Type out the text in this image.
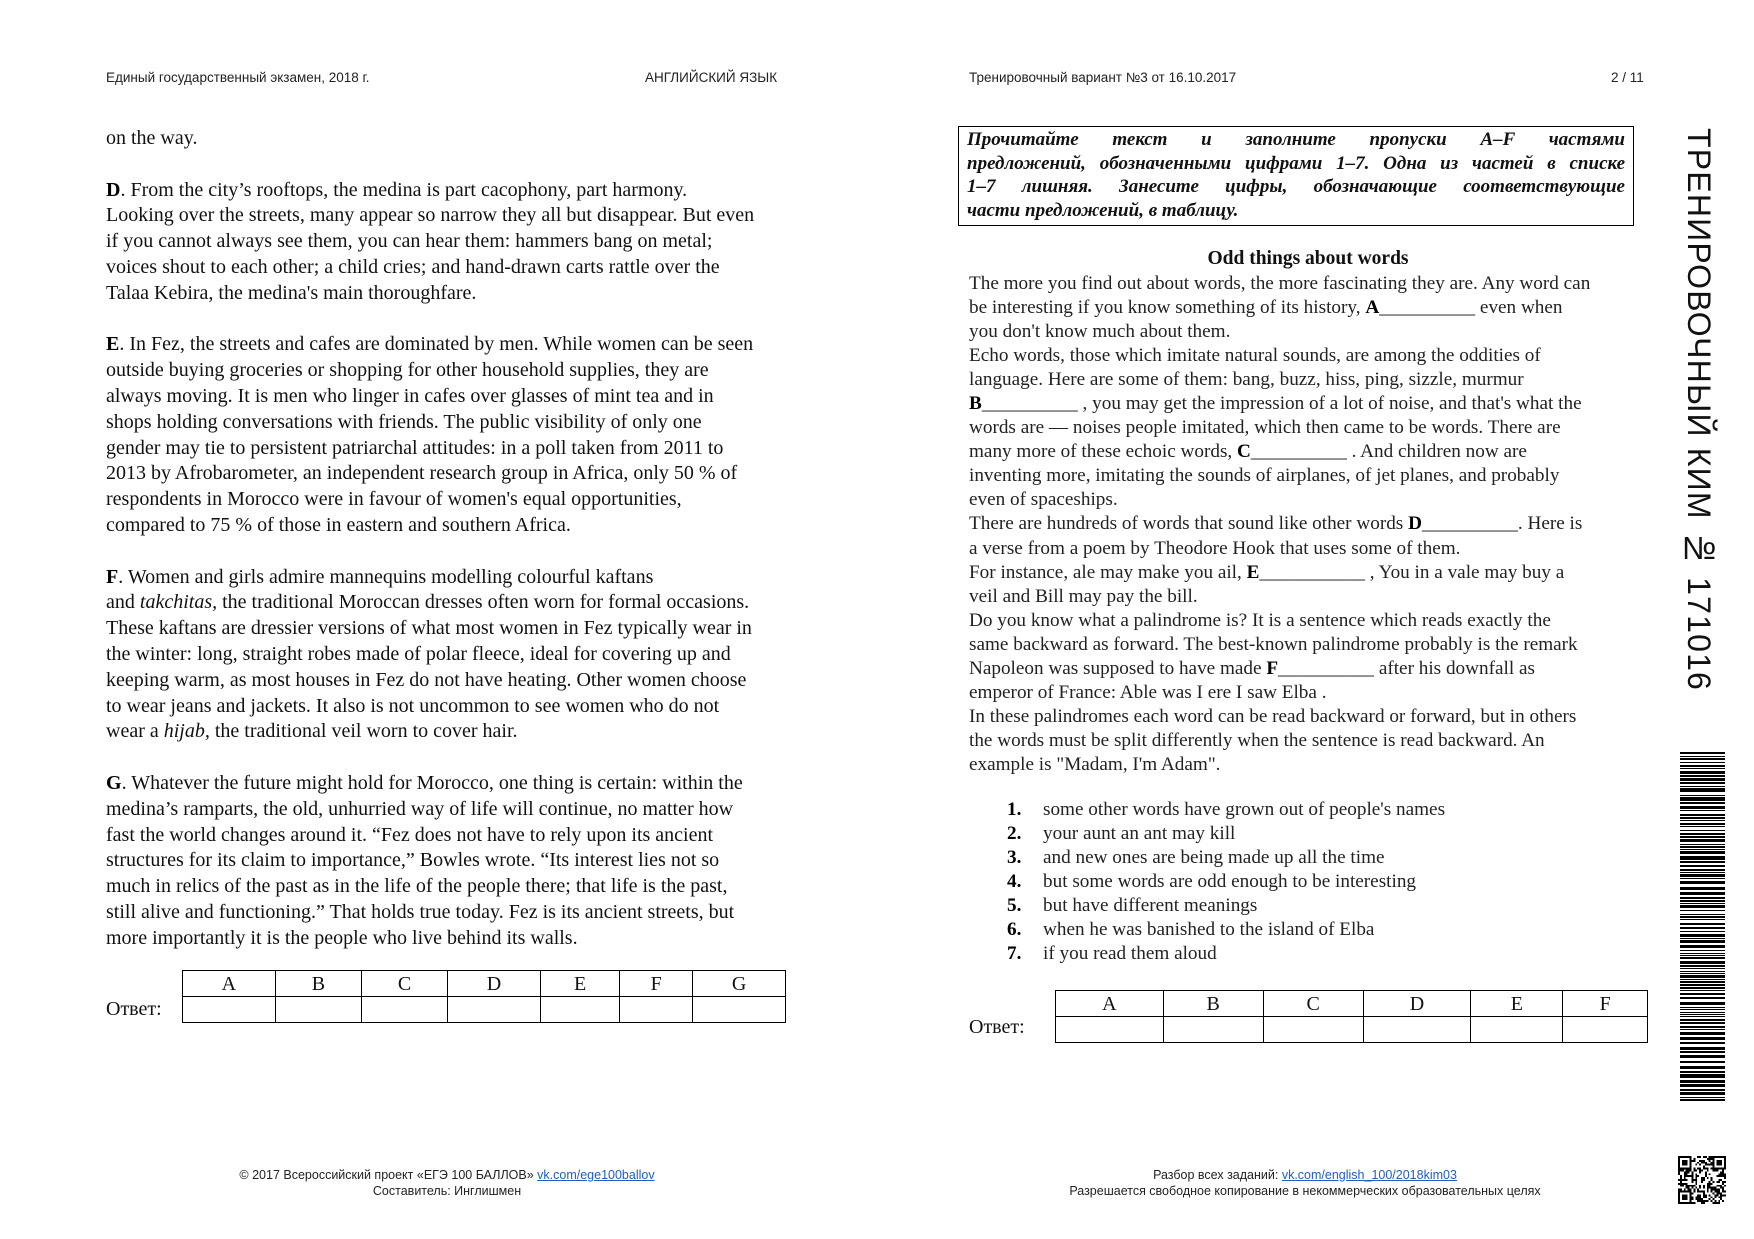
Единый государственный экзамен, 2018 г.	АНГЛИЙСКИЙ ЯЗЫК	Тренировочный вариант №3 от 16.10.2017	2 / 11
on the way.

D. From the city’s rooftops, the medina is part cacophony, part harmony.
Looking over the streets, many appear so narrow they all but disappear. But even
if you cannot always see them, you can hear them: hammers bang on metal;
voices shout to each other; a child cries; and hand-drawn carts rattle over the
Talaa Kebira, the medina's main thoroughfare.

E. In Fez, the streets and cafes are dominated by men. While women can be seen
outside buying groceries or shopping for other household supplies, they are
always moving. It is men who linger in cafes over glasses of mint tea and in
shops holding conversations with friends. The public visibility of only one
gender may tie to persistent patriarchal attitudes: in a poll taken from 2011 to
2013 by Afrobarometer, an independent research group in Africa, only 50 % of
respondents in Morocco were in favour of women's equal opportunities,
compared to 75 % of those in eastern and southern Africa.

F. Women and girls admire mannequins modelling colourful kaftans
and takchitas, the traditional Moroccan dresses often worn for formal occasions.
These kaftans are dressier versions of what most women in Fez typically wear in
the winter: long, straight robes made of polar fleece, ideal for covering up and
keeping warm, as most houses in Fez do not have heating. Other women choose
to wear jeans and jackets. It also is not uncommon to see women who do not
wear a hijab, the traditional veil worn to cover hair.

G. Whatever the future might hold for Morocco, one thing is certain: within the
medina’s ramparts, the old, unhurried way of life will continue, no matter how
fast the world changes around it. “Fez does not have to rely upon its ancient
structures for its claim to importance,” Bowles wrote. “Its interest lies not so
much in relics of the past as in the life of the people there; that life is the past,
still alive and functioning.” That holds true today. Fez is its ancient streets, but
more importantly it is the people who live behind its walls.
Ответ:
A	B	C	D	E	F	G

Прочитайте текст и заполните пропуски A–F частями
предложений, обозначенными цифрами 1–7. Одна из частей в списке
1–7 лишняя. Занесите цифры, обозначающие соответствующие
части предложений, в таблицу.
Odd things about words
The more you find out about words, the more fascinating they are. Any word can
be interesting if you know something of its history, A__________ even when
you don't know much about them.
Echo words, those which imitate natural sounds, are among the oddities of
language. Here are some of them: bang, buzz, hiss, ping, sizzle, murmur
B__________ , you may get the impression of a lot of noise, and that's what the
words are — noises people imitated, which then came to be words. There are
many more of these echoic words, C__________ . And children now are
inventing more, imitating the sounds of airplanes, of jet planes, and probably
even of spaceships.
There are hundreds of words that sound like other words D__________. Here is
a verse from a poem by Theodore Hook that uses some of them.
For instance, ale may make you ail, E___________ , You in a vale may buy a
veil and Bill may pay the bill.
Do you know what a palindrome is? It is a sentence which reads exactly the
same backward as forward. The best-known palindrome probably is the remark
Napoleon was supposed to have made F__________ after his downfall as
emperor of France: Able was I ere I saw Elba .
In these palindromes each word can be read backward or forward, but in others
the words must be split differently when the sentence is read backward. An
example is "Madam, I'm Adam".
1.	some other words have grown out of people's names
2.	your aunt an ant may kill
3.	and new ones are being made up all the time
4.	but some words are odd enough to be interesting
5.	but have different meanings
6.	when he was banished to the island of Elba
7.	if you read them aloud
Ответ:
A	B	C	D	E	F

ТРЕНИРОВОЧНЫЙ КИМ № 171016
© 2017 Всероссийский проект «ЕГЭ 100 БАЛЛОВ» vk.com/ege100ballov
Составитель: Инглишмен
Разбор всех заданий: vk.com/english_100/2018kim03
Разрешается свободное копирование в некоммерческих образовательных целях
